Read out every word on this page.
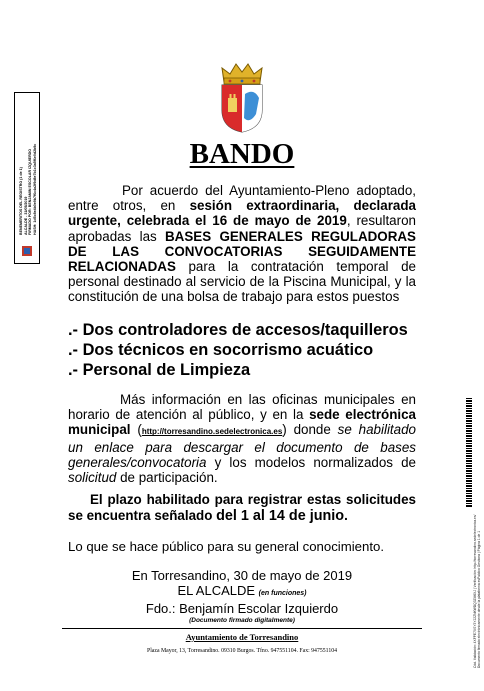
BENEMERITOS DEL REGISTRO (1 de 1) ALCALDE - 31/05/2019 FIRMADO POR: BENJAMIN ESCOLAR IZQUIERDO HASH: 1d5c8e4b0e9b7f6c4a2f9d8e7b1c3a5f6e0d2b9c
Cód. Validación: 4XFPE7XSY3YJ2ZNKWDQ3ZM6XJ | Verificación: http://torresandino.sedelectronica.es/ Documento firmado electrónicamente desde la plataforma esPublico Gestiona | Página 1 de 1
BANDO
Por acuerdo del Ayuntamiento-Pleno adoptado, entre otros, en sesión extraordinaria, declarada urgente, celebrada el 16 de mayo de 2019, resultaron aprobadas las BASES GENERALES REGULADORAS DE LAS CONVOCATORIAS SEGUIDAMENTE RELACIONADAS para la contratación temporal de personal destinado al servicio de la Piscina Municipal, y la constitución de una bolsa de trabajo para estos puestos
.- Dos controladores de accesos/taquilleros
.- Dos técnicos en socorrismo acuático
.- Personal de Limpieza
Más información en las oficinas municipales en horario de atención al público, y en la sede electrónica municipal (http://torresandino.sedelectronica.es) donde se habilitado un enlace para descargar el documento de bases generales/convocatoria y los modelos normalizados de solicitud de participación.
El plazo habilitado para registrar estas solicitudes se encuentra señalado del 1 al 14 de junio.
Lo que se hace público para su general conocimiento.
En Torresandino, 30 de mayo de 2019
EL ALCALDE (en funciones)
Fdo.: Benjamín Escolar Izquierdo
(Documento firmado digitalmente)
Ayuntamiento de Torresandino
Plaza Mayor, 13, Torresandino. 09310 Burgos. Tfno. 947551104. Fax: 947551104
